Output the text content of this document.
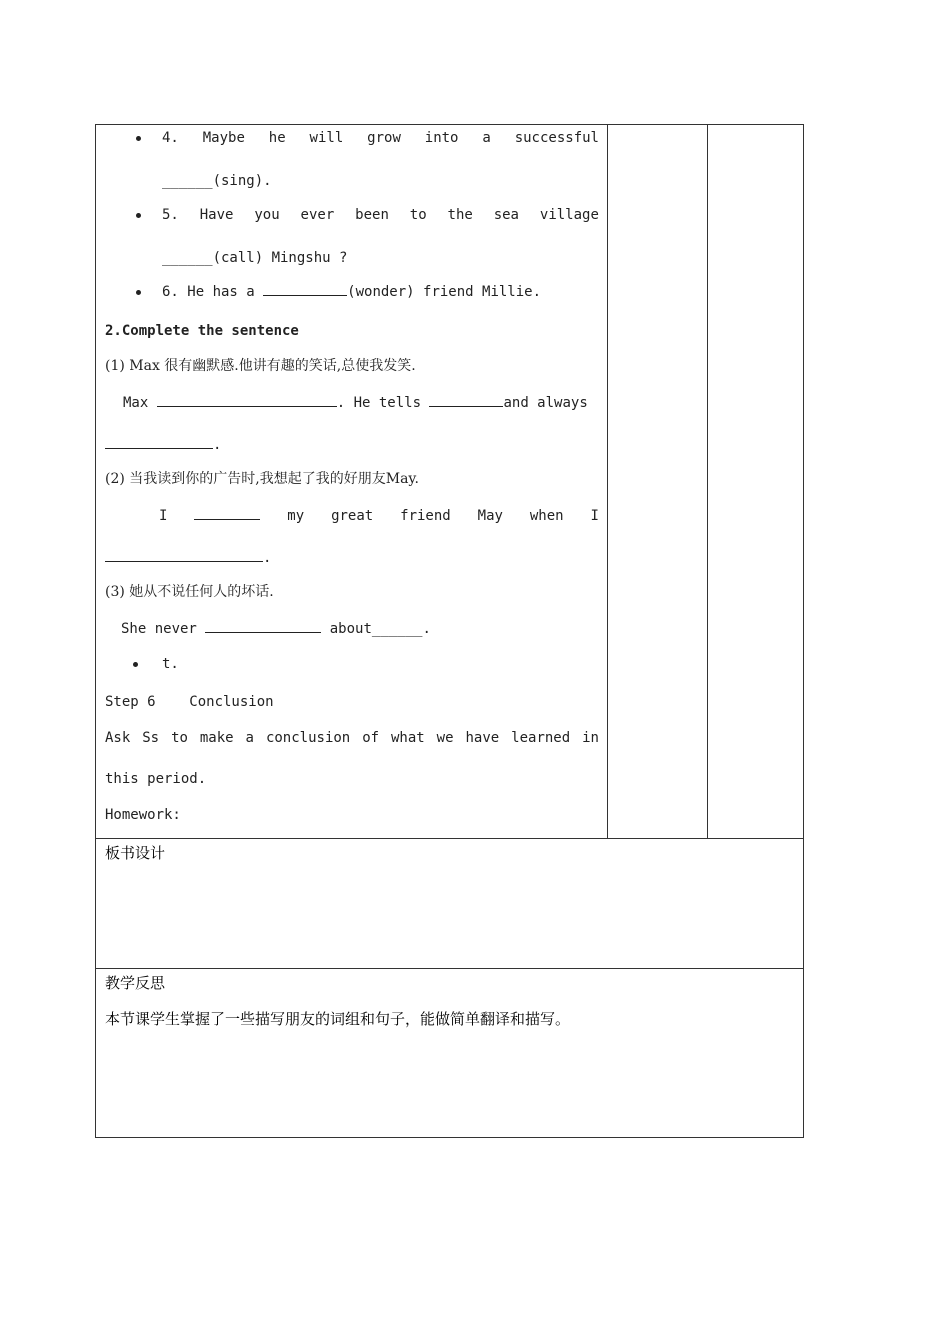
4. Maybe he will grow into a successful
______(sing).
5. Have you ever been to the sea village
______(call) Mingshu ?
6. He has a	(wonder) friend Millie.
2.Complete the sentence
(1) Max 很有幽默感.他讲有趣的笑话,总使我发笑.
Max	. He tells	and always
.
(2) 当我读到你的广告时,我想起了我的好朋友May.
I	my great friend May when I
.
(3) 她从不说任何人的坏话.
She never	about______.
t.
Step 6    Conclusion
Ask Ss to make a conclusion of what we have learned in
this period.
Homework:

板书设计

教学反思
本节课学生掌握了一些描写朋友的词组和句子，能做简单翻译和描写。
